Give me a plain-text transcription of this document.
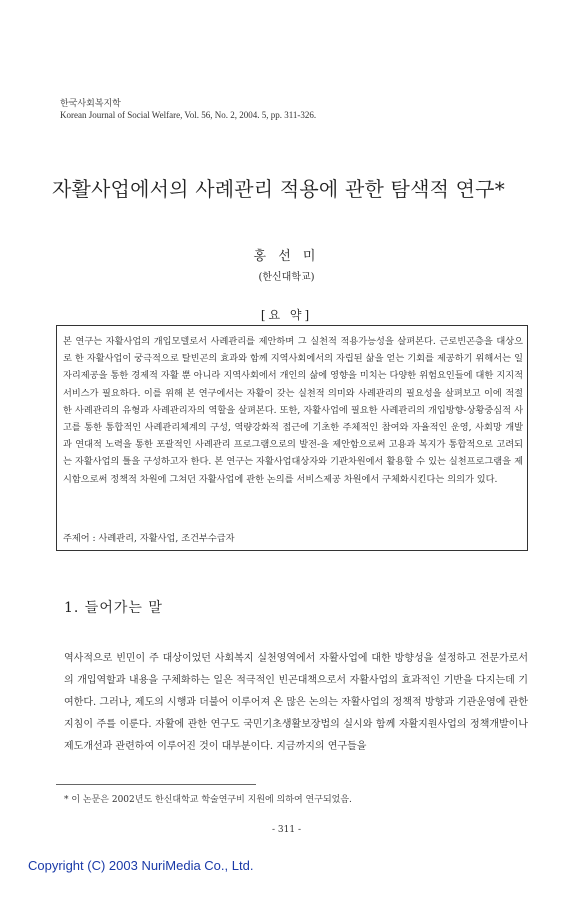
한국사회복지학
Korean Journal of Social Welfare, Vol. 56, No. 2, 2004. 5, pp. 311-326.
자활사업에서의 사례관리 적용에 관한 탐색적 연구*
홍 선 미
(한신대학교)
[요 약]
본 연구는 자활사업의 개입모델로서 사례관리를 제안하며 그 실천적 적용가능성을 살펴본다. 근로빈곤층을 대상으로 한 자활사업이 궁극적으로 탈빈곤의 효과와 함께 지역사회에서의 자립된 삶을 얻는 기회를 제공하기 위해서는 일자리제공을 통한 경제적 자활 뿐 아니라 지역사회에서 개인의 삶에 영향을 미치는 다양한 위험요인들에 대한 지지적 서비스가 필요하다. 이를 위해 본 연구에서는 자활이 갖는 실천적 의미와 사례관리의 필요성을 살펴보고 이에 적절한 사례관리의 유형과 사례관리자의 역할을 살펴본다. 또한, 자활사업에 필요한 사례관리의 개입방향-상황중심적 사고를 통한 통합적인 사례관리체계의 구성, 역량강화적 접근에 기초한 주체적인 참여와 자율적인 운영, 사회망 개발과 연대적 노력을 통한 포괄적인 사례관리 프로그램으로의 발전-을 제안함으로써 고용과 복지가 통합적으로 고려되는 자활사업의 틀을 구성하고자 한다. 본 연구는 자활사업대상자와 기관차원에서 활용할 수 있는 실천프로그램을 제시함으로써 정책적 차원에 그쳐던 자활사업에 관한 논의를 서비스제공 차원에서 구체화시킨다는 의의가 있다.
주제어 : 사례관리, 자활사업, 조건부수급자
1. 들어가는 말
역사적으로 빈민이 주 대상이었던 사회복지 실천영역에서 자활사업에 대한 방향성을 설정하고 전문가로서의 개입역할과 내용을 구체화하는 일은 적극적인 빈곤대책으로서 자활사업의 효과적인 기반을 다지는데 기여한다. 그러나, 제도의 시행과 더불어 이루어져 온 많은 논의는 자활사업의 정책적 방향과 기관운영에 관한 지침이 주를 이룬다. 자활에 관한 연구도 국민기초생활보장법의 실시와 함께 자활지원사업의 정책개발이나 제도개선과 관련하여 이루어진 것이 대부분이다. 지금까지의 연구들을
* 이 논문은 2002년도 한신대학교 학술연구비 지원에 의하여 연구되었음.
- 311 -
Copyright (C) 2003 NuriMedia Co., Ltd.
